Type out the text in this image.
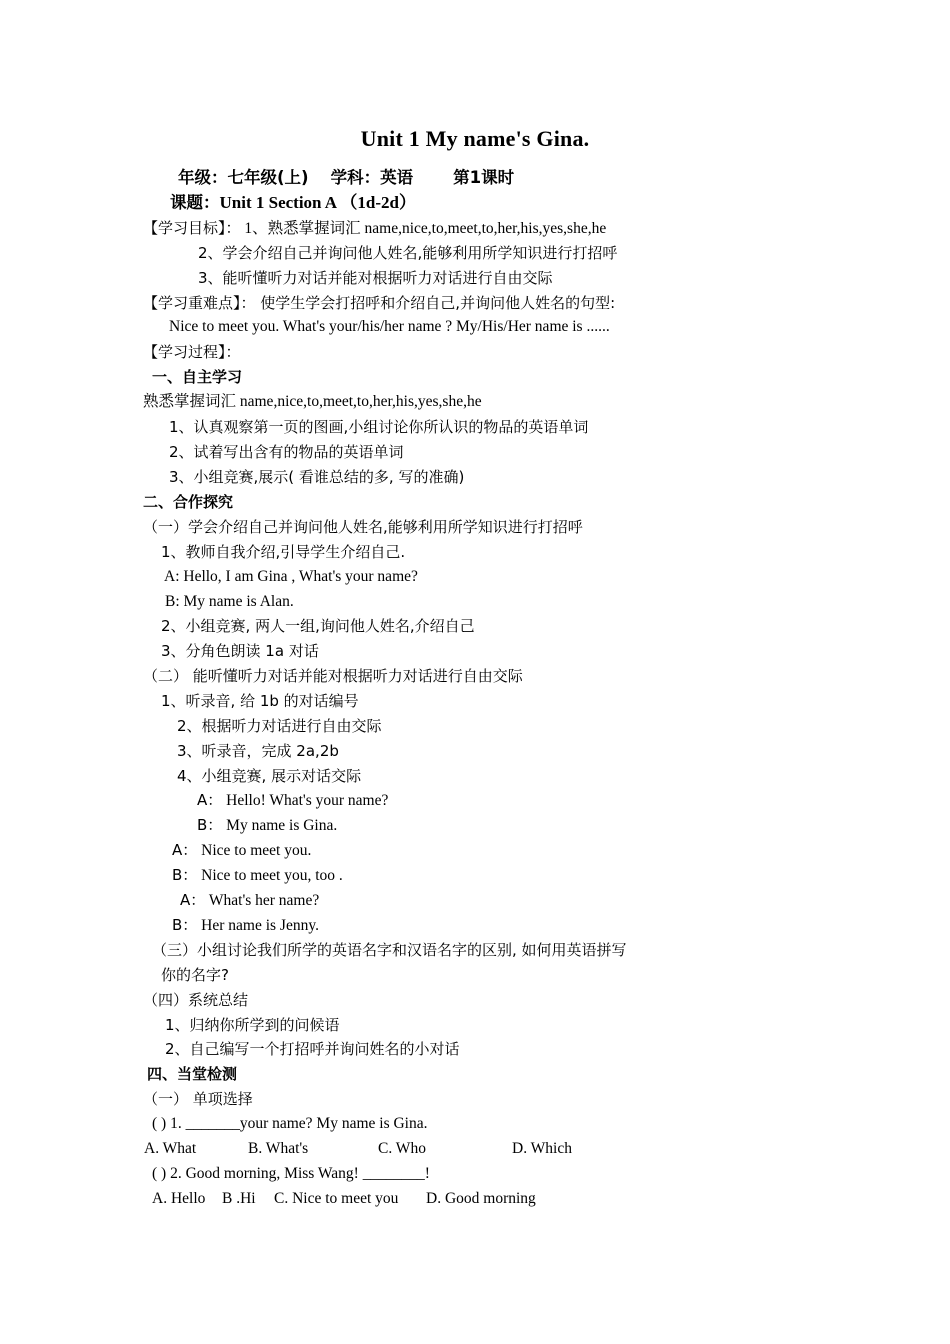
Unit 1 My name's Gina.
年级：七年级(上) 学科：英语 第1课时
课题：Unit 1 Section A （1d-2d）
【学习目标】： 1、熟悉掌握词汇 name,nice,to,meet,to,her,his,yes,she,he
2、学会介绍自己并询问他人姓名,能够利用所学知识进行打招呼
3、能听懂听力对话并能对根据听力对话进行自由交际
【学习重难点】： 使学生学会打招呼和介绍自己,并询问他人姓名的句型:
Nice to meet you. What's your/his/her name ? My/His/Her name is ......
【学习过程】：
一、自主学习
熟悉掌握词汇 name,nice,to,meet,to,her,his,yes,she,he
1、认真观察第一页的图画,小组讨论你所认识的物品的英语单词
2、试着写出含有的物品的英语单词
3、小组竞赛,展示( 看谁总结的多, 写的准确)
二、合作探究
（一）学会介绍自己并询问他人姓名,能够利用所学知识进行打招呼
1、教师自我介绍,引导学生介绍自己.
A: Hello, I am Gina , What's your name?
B: My name is Alan.
2、小组竞赛, 两人一组,询问他人姓名,介绍自己
3、分角色朗读 1a 对话
（二） 能听懂听力对话并能对根据听力对话进行自由交际
1、听录音, 给 1b 的对话编号
2、根据听力对话进行自由交际
3、听录音，完成 2a,2b
4、小组竞赛, 展示对话交际
A： Hello! What's your name?
B： My name is Gina.
A： Nice to meet you.
B： Nice to meet you, too .
A： What's her name?
B： Her name is Jenny.
（三）小组讨论我们所学的英语名字和汉语名字的区别, 如何用英语拼写
你的名字?
（四）系统总结
1、归纳你所学到的问候语
2、自己编写一个打招呼并询问姓名的小对话
四、当堂检测
（一） 单项选择
( ) 1. _______your name? My name is Gina.
A. What	B. What's	C. Who	D. Which
( ) 2. Good morning, Miss Wang! ________!
A. Hello B .Hi C. Nice to meet you D. Good morning
